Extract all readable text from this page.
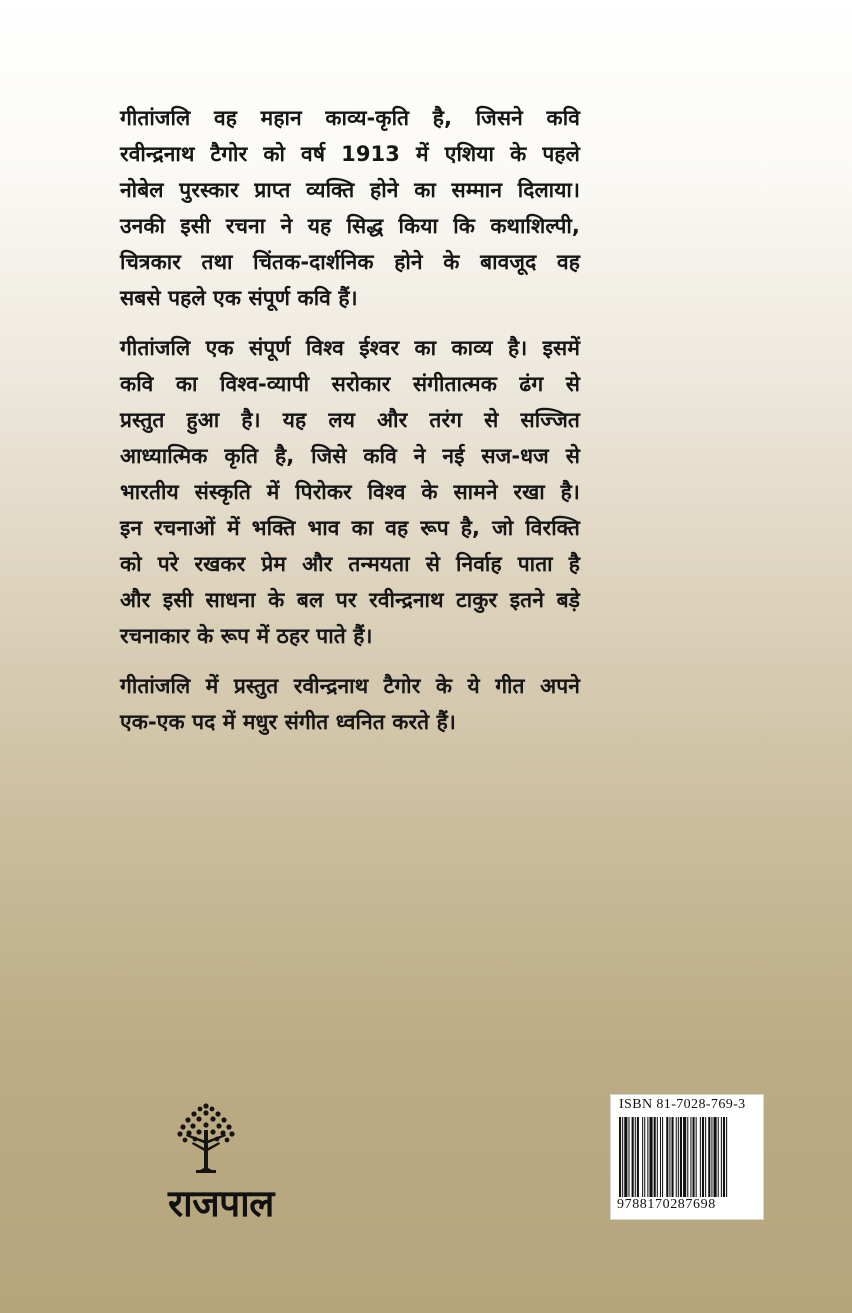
गीतांजलि वह महान काव्य-कृति है, जिसने कवि
रवीन्द्रनाथ टैगोर को वर्ष 1913 में एशिया के पहले
नोबेल पुरस्कार प्राप्त व्यक्ति होने का सम्मान दिलाया।
उनकी इसी रचना ने यह सिद्ध किया कि कथाशिल्पी,
चित्रकार तथा चिंतक-दार्शनिक होने के बावजूद वह
सबसे पहले एक संपूर्ण कवि हैं।
गीतांजलि एक संपूर्ण विश्व ईश्वर का काव्य है। इसमें
कवि का विश्व-व्यापी सरोकार संगीतात्मक ढंग से
प्रस्तुत हुआ है। यह लय और तरंग से सज्जित
आध्यात्मिक कृति है, जिसे कवि ने नई सज-धज से
भारतीय संस्कृति में पिरोकर विश्व के सामने रखा है।
इन रचनाओं में भक्ति भाव का वह रूप है, जो विरक्ति
को परे रखकर प्रेम और तन्मयता से निर्वाह पाता है
और इसी साधना के बल पर रवीन्द्रनाथ टाकुर इतने बड़े
रचनाकार के रूप में ठहर पाते हैं।
गीतांजलि में प्रस्तुत रवीन्द्रनाथ टैगोर के ये गीत अपने
एक-एक पद में मधुर संगीत ध्वनित करते हैं।
राजपाल
ISBN 81-7028-769-3
9788170287698
